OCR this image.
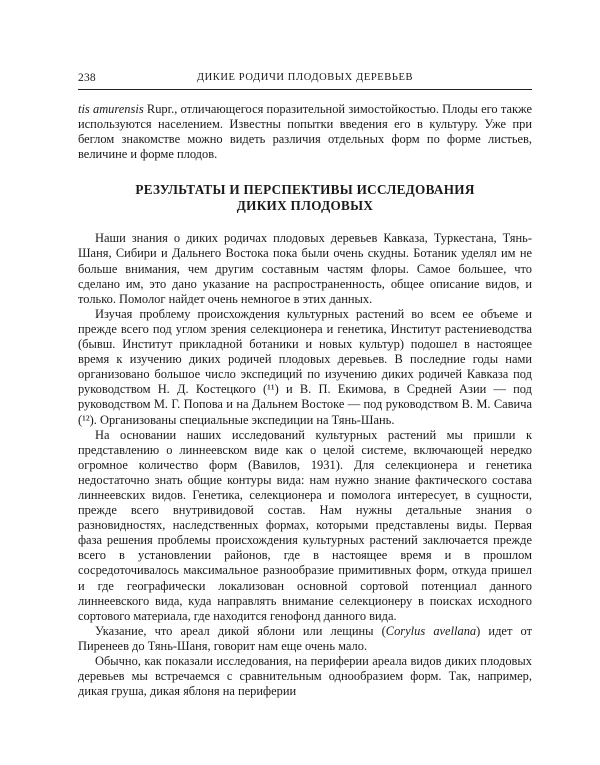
238	ДИКИЕ РОДИЧИ ПЛОДОВЫХ ДЕРЕВЬЕВ

tis amurensis Rupr., отличающегося поразительной зимостойкостью. Плоды его также используются населением. Известны попытки введения его в культуру. Уже при беглом знакомстве можно видеть различия отдельных форм по форме листьев, величине и форме плодов.

РЕЗУЛЬТАТЫ И ПЕРСПЕКТИВЫ ИССЛЕДОВАНИЯ
ДИКИХ ПЛОДОВЫХ

Наши знания о диких родичах плодовых деревьев Кавказа, Туркестана, Тянь-Шаня, Сибири и Дальнего Востока пока были очень скудны. Ботаник уделял им не больше внимания, чем другим составным частям флоры. Самое большее, что сделано им, это дано указание на распространенность, общее описание видов, и только. Помолог найдет очень немногое в этих данных.

Изучая проблему происхождения культурных растений во всем ее объеме и прежде всего под углом зрения селекционера и генетика, Институт растениеводства (бывш. Институт прикладной ботаники и новых культур) подошел в настоящее время к изучению диких родичей плодовых деревьев. В последние годы нами организовано большое число экспедиций по изучению диких родичей Кавказа под руководством Н. Д. Костецкого (¹¹) и В. П. Екимова, в Средней Азии — под руководством М. Г. Попова и на Дальнем Востоке — под руководством В. М. Савича (¹²). Организованы специальные экспедиции на Тянь-Шань.

На основании наших исследований культурных растений мы пришли к представлению о линнеевском виде как о целой системе, включающей нередко огромное количество форм (Вавилов, 1931). Для селекционера и генетика недостаточно знать общие контуры вида: нам нужно знание фактического состава линнеевских видов. Генетика, селекционера и помолога интересует, в сущности, прежде всего внутривидовой состав. Нам нужны детальные знания о разновидностях, наследственных формах, которыми представлены виды. Первая фаза решения проблемы происхождения культурных растений заключается прежде всего в установлении районов, где в настоящее время и в прошлом сосредоточивалось максимальное разнообразие примитивных форм, откуда пришел и где географически локализован основной сортовой потенциал данного линнеевского вида, куда направлять внимание селекционеру в поисках исходного сортового материала, где находится генофонд данного вида.

Указание, что ареал дикой яблони или лещины (Corylus avellana) идет от Пиренеев до Тянь-Шаня, говорит нам еще очень мало.

Обычно, как показали исследования, на периферии ареала видов диких плодовых деревьев мы встречаемся с сравнительным однообразием форм. Так, например, дикая груша, дикая яблоня на периферии
